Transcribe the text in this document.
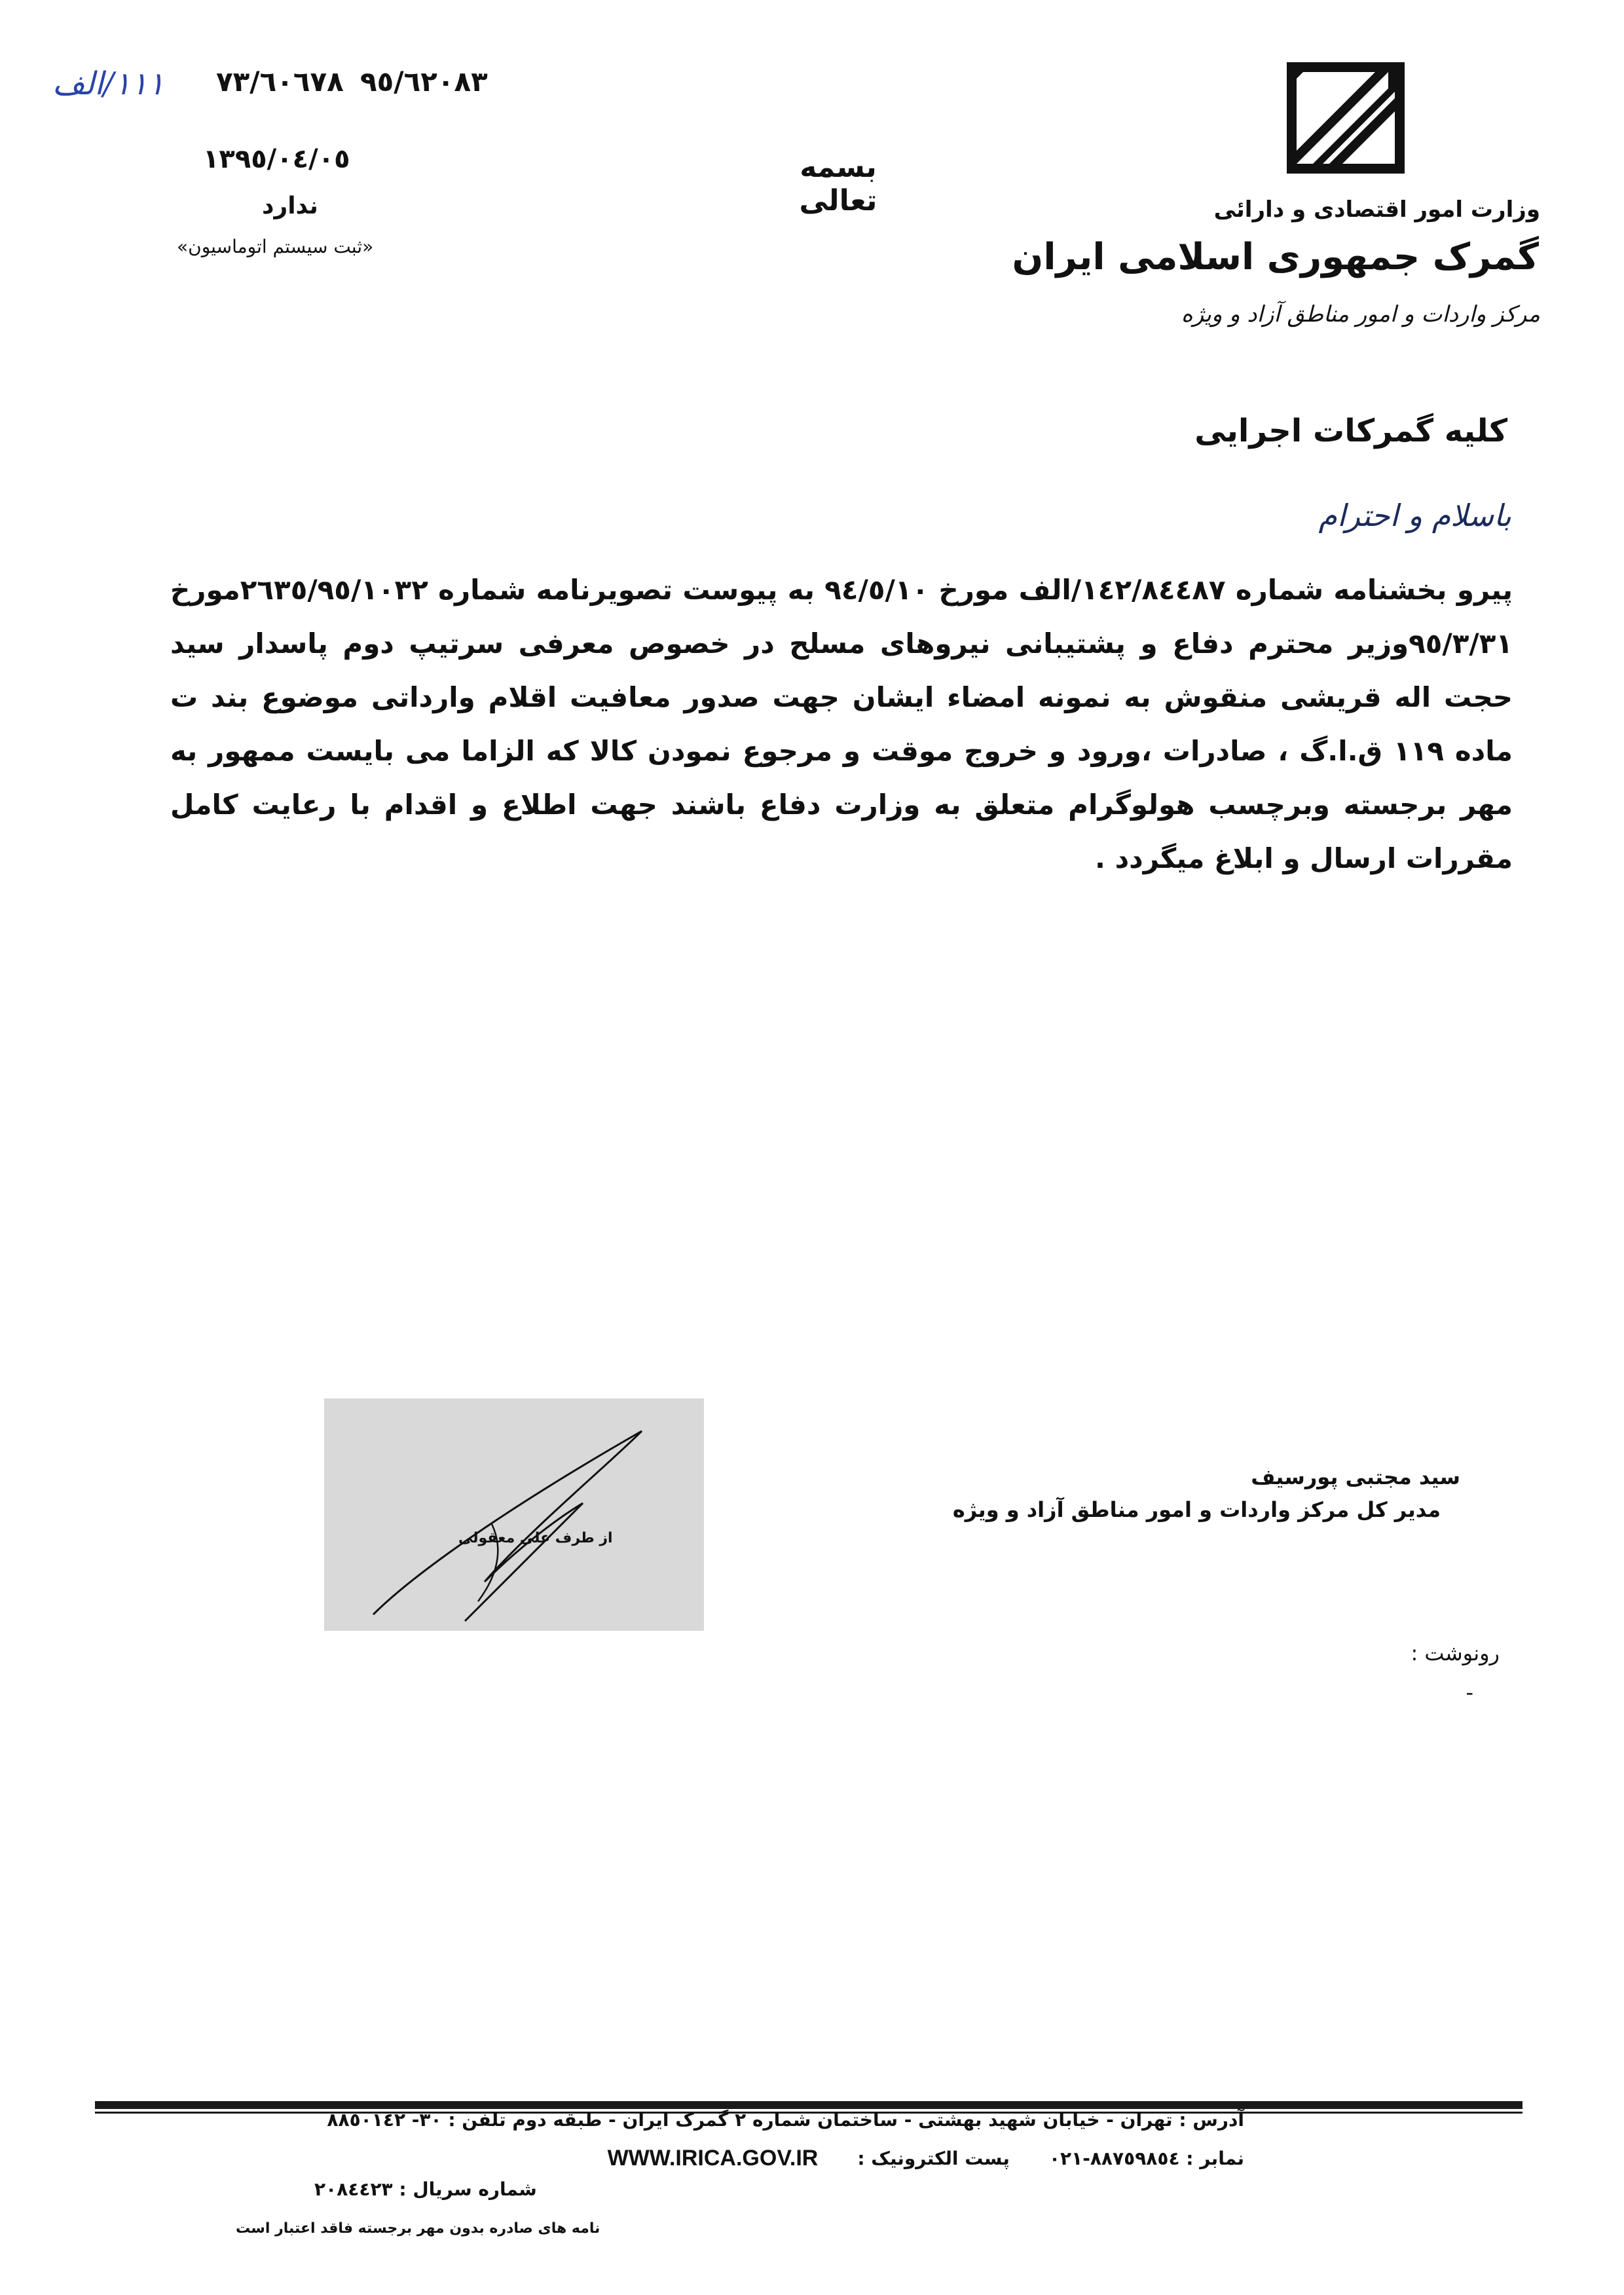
وزارت امور اقتصادی و دارائی
گمرک جمهوری اسلامی ایران
مرکز واردات و امور مناطق آزاد و ویژه
بسمه تعالی
١١١/الف ٧٣/٦٠٦٧٨ ٩٥/٦٢٠٨٣
١٣٩٥/٠٤/٠٥
ندارد
«ثبت سیستم اتوماسیون»
کلیه گمرکات اجرایی
باسلام و احترام
پیرو بخشنامه شماره ١٤٢/٨٤٤٨٧/الف مورخ ٩٤/٥/١٠ به پیوست تصویرنامه شماره ٢٦٣٥/٩٥/١٠٣٢مورخ ٩٥/٣/٣١وزیر محترم دفاع و پشتیبانی نیروهای مسلح در خصوص معرفی سرتیپ دوم پاسدار سید حجت اله قریشی منقوش به نمونه امضاء ایشان جهت صدور معافیت اقلام وارداتی موضوع بند ت ماده ١١٩ ق.ا.گ ، صادرات ،ورود و خروج موقت و مرجوع نمودن کالا که الزاما می بایست ممهور به مهر برجسته وبرچسب هولوگرام متعلق به وزارت دفاع باشند جهت اطلاع و اقدام با رعایت کامل مقررات ارسال و ابلاغ میگردد .
سید مجتبی پورسیف
مدیر کل مرکز واردات و امور مناطق آزاد و ویژه
از طرف علی معقولی
رونوشت :
-
آدرس : تهران - خیابان شهید بهشتی - ساختمان شماره ٢ گمرک ایران - طبقه دوم تلفن : ٣٠- ٨٨٥٠١٤٢
نمابر : ٨٨٧٥٩٨٥٤-٠٢١
پست الکترونیک :
WWW.IRICA.GOV.IR
شماره سریال : ٢٠٨٤٤٢٣
نامه های صادره بدون مهر برجسته فاقد اعتبار است
